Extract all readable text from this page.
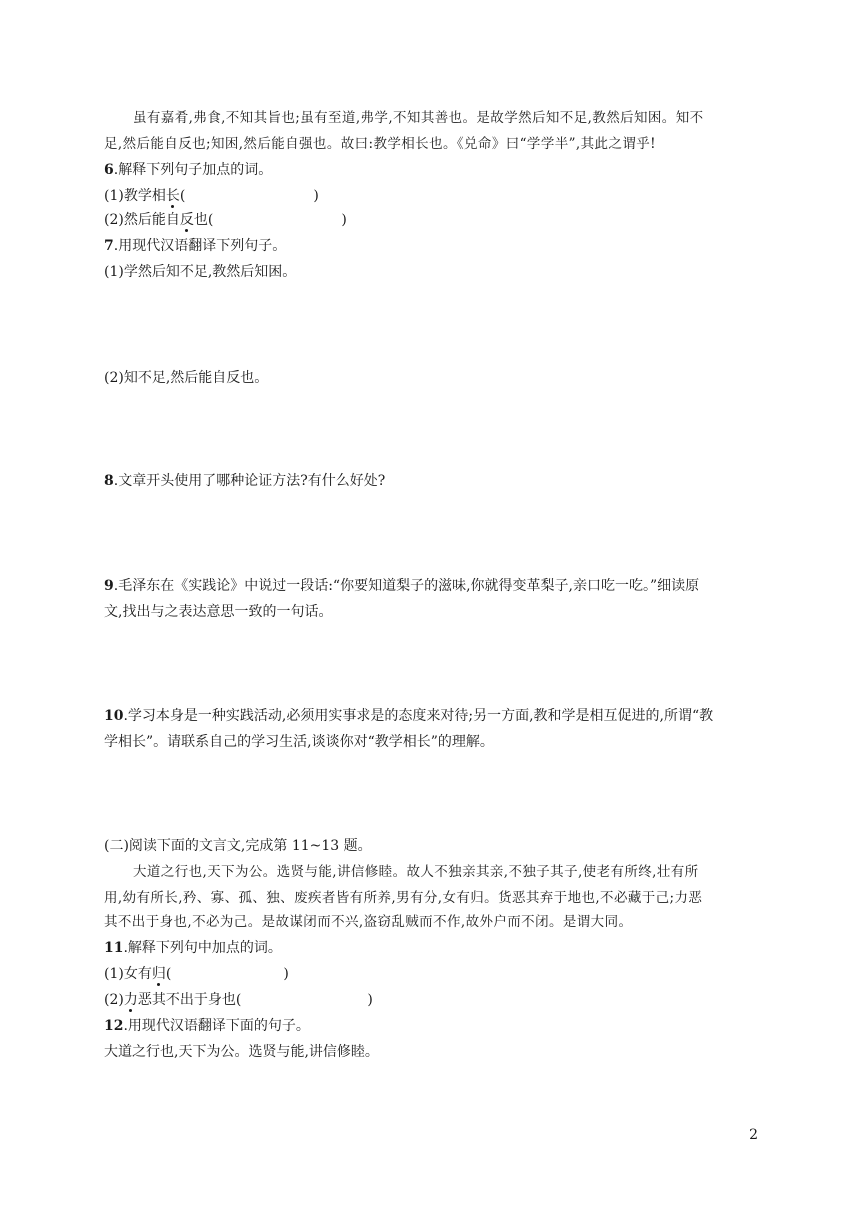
虽有嘉肴,弗食,不知其旨也;虽有至道,弗学,不知其善也。是故学然后知不足,教然后知困。知不
足,然后能自反也;知困,然后能自强也。故曰:教学相长也。《兑命》曰“学学半”,其此之谓乎!
6.解释下列句子加点的词。
(1)教学相长(	)
(2)然后能自反也(	)
7.用现代汉语翻译下列句子。
(1)学然后知不足,教然后知困。
(2)知不足,然后能自反也。
8.文章开头使用了哪种论证方法?有什么好处?
9.毛泽东在《实践论》中说过一段话:“你要知道梨子的滋味,你就得变革梨子,亲口吃一吃。”细读原
文,找出与之表达意思一致的一句话。
10.学习本身是一种实践活动,必须用实事求是的态度来对待;另一方面,教和学是相互促进的,所谓“教
学相长”。请联系自己的学习生活,谈谈你对“教学相长”的理解。
(二)阅读下面的文言文,完成第 11~13 题。
大道之行也,天下为公。选贤与能,讲信修睦。故人不独亲其亲,不独子其子,使老有所终,壮有所
用,幼有所长,矜、寡、孤、独、废疾者皆有所养,男有分,女有归。货恶其弃于地也,不必藏于己;力恶
其不出于身也,不必为己。是故谋闭而不兴,盗窃乱贼而不作,故外户而不闭。是谓大同。
11.解释下列句中加点的词。
(1)女有归(	)
(2)力恶其不出于身也(	)
12.用现代汉语翻译下面的句子。
大道之行也,天下为公。选贤与能,讲信修睦。
2
